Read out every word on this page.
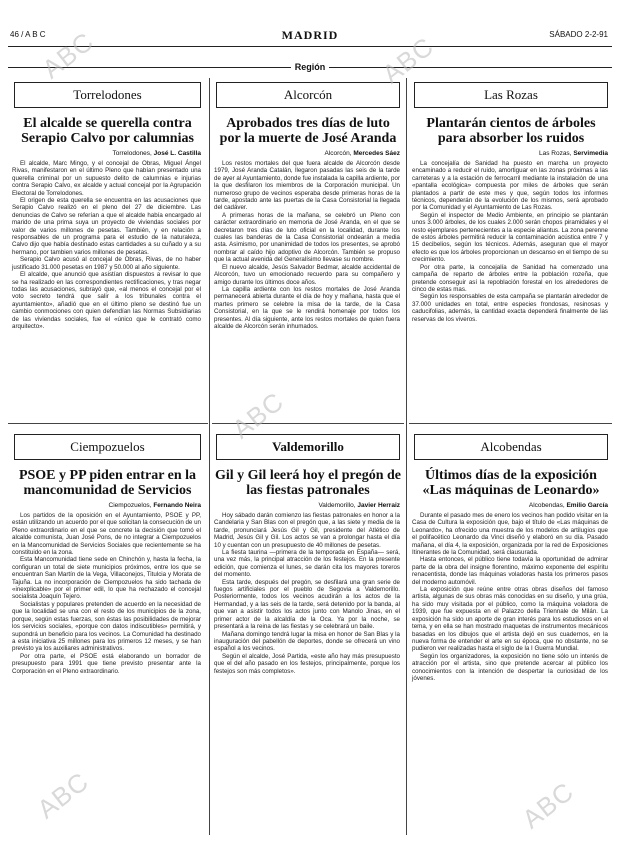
46 / A B C	MADRID	SÁBADO 2-2-91
Región
Torrelodones
El alcalde se querella contra Serapio Calvo por calumnias
Torrelodones, José L. Castilla

El alcalde, Marc Mingo, y el concejal de Obras, Miguel Ángel Rivas, manifestaron en el último Pleno que habían presentado una querella criminal por un supuesto delito de calumnias e injurias contra Serapio Calvo, ex alcalde y actual concejal por la Agrupación Electoral de Torrelodones.

El origen de esta querella se encuentra en las acusaciones que Serapio Calvo realizó en el pleno del 27 de diciembre. Las denuncias de Calvo se referían a que el alcalde había encargado al marido de una prima suya un proyecto de viviendas sociales por valor de varios millones de pesetas. También, y en relación a responsables de un programa para el estudio de la naturaleza, Calvo dijo que había destinado estas cantidades a su cuñado y a su hermano, por tambien varios millones de pesetas.

Serapio Calvo acusó al concejal de Obras, Rivas, de no haber justificado 31.000 pesetas en 1987 y 50.000 al año siguiente.

El alcalde, que anunció que asistían dispuestos a revisar lo que se ha realizado en las correspondientes rectificaciones, y tras negar todas las acusaciones, subrayó que, «al menos el concejal por el voto secreto tendrá que salir a los tribunales contra el ayuntamiento», añadió que en el último pleno se destinó fue un cambio conmociones con quien defendían las Normas Subsidiarias de las viviendas sociales, fue el «único que le contrató como arquitecto».

Ciempozuelos
PSOE y PP piden entrar en la mancomunidad de Servicios
Ciempozuelos, Fernando Neira

Los partidos de la oposición en el Ayuntamiento, PSOE y PP, están utilizando un acuerdo por el que solicitan la consecución de un Pleno extraordinario en el que se concrete la decisión que tomó el alcalde comunista, Juan José Pons, de no integrar a Ciempozuelos en la Mancomunidad de Servicios Sociales que recientemente se ha constituido en la zona.

Esta Mancomunidad tiene sede en Chinchón y, hasta la fecha, la configuran un total de siete municipios próximos, entre los que se encuentran San Martín de la Vega, Villaconejos, Titulcia y Morata de Tajuña. La no incorporación de Ciempozuelos ha sido tachada de «inexplicable» por el primer edil, lo que ha rechazado el concejal socialista Joaquín Tejero.

Socialistas y populares pretenden de acuerdo en la necesidad de que la localidad se una con el resto de los municipios de la zona, porque, según estas fuerzas, son éstas las posibilidades de mejorar los servicios sociales, «porque con datos indiscutibles» permitirá, y supondrá un beneficio para los vecinos. La Comunidad ha destinado a esta iniciativa 25 millones para los primeros 12 meses, y se han previsto ya los auxiliares administrativos.

Por otra parte, el PSOE está elaborando un borrador de presupuesto para 1991 que tiene previsto presentar ante la Corporación en el Pleno extraordinario.

Alcorcón
Aprobados tres días de luto por la muerte de José Aranda
Alcorcón, Mercedes Sáez

Los restos mortales del que fuera alcalde de Alcorcón desde 1979, José Aranda Catalán, llegaron pasadas las seis de la tarde de ayer al Ayuntamiento, donde fue instalada la capilla ardiente, por la que desfilaron los miembros de la Corporación municipal. Un numeroso grupo de vecinos esperaba desde primeras horas de la tarde, apostado ante las puertas de la Casa Consistorial la llegada del cadáver.

A primeras horas de la mañana, se celebró un Pleno con carácter extraordinario en memoria de José Aranda, en el que se decretaron tres días de luto oficial en la localidad, durante los cuales las banderas de la Casa Consistorial ondearán a media asta. Asimismo, por unanimidad de todos los presentes, se aprobó nombrar al caído hijo adoptivo de Alcorcón. También se propuso que la actual avenida del Generalísimo llevase su nombre.

El nuevo alcalde, Jesús Salvador Bedmar, alcalde accidental de Alcorcón, tuvo un emocionado recuerdo para su compañero y amigo durante los últimos doce años.

La capilla ardiente con los restos mortales de José Aranda permanecerá abierta durante el día de hoy y mañana, hasta que el martes primero se celebre la misa de la tarde, de la Casa Consistorial, en la que se le rendirá homenaje por todos los presentes. Al día siguiente, ante los restos mortales de quien fuera alcalde de Alcorcón serán inhumados.

Valdemorillo
Gil y Gil leerá hoy el pregón de las fiestas patronales
Valdemorillo, Javier Herraiz

Hoy sábado darán comienzo las fiestas patronales en honor a la Candelaria y San Blas con el pregón que, a las siete y media de la tarde, pronunciará Jesús Gil y Gil, presidente del Atlético de Madrid, Jesús Gil y Gil. Los actos se van a prolongar hasta el día 10 y cuentan con un presupuesto de 40 millones de pesetas.

La fiesta taurina —primera de la temporada en España— será, una vez más, la principal atracción de los festejos. En la presente edición, que comienza el lunes, se darán cita los mayores toreros del momento.

Esta tarde, después del pregón, se desfilará una gran serie de fuegos artificiales por el pueblo de Segovia a Valdemorillo. Posteriormente, todos los vecinos acudirán a los actos de la Hermandad, y a las seis de la tarde, será detenido por la banda, al que van a asistir todos los actos junto con Manolo Jinas, en el primer actor de la alcaldía de la Oca. Ya por la noche, se presentará a la reina de las fiestas y se celebrará un baile.

Mañana domingo tendrá lugar la misa en honor de San Blas y la inauguración del pabellón de deportes, donde se ofrecerá un vino español a los vecinos.

Según el alcalde, José Partida, «este año hay más presupuesto que el del año pasado en los festejos, principalmente, porque los festejos son más completos».

Las Rozas
Plantarán cientos de árboles para absorber los ruidos
Las Rozas, Servimedia

La concejalía de Sanidad ha puesto en marcha un proyecto encaminado a reducir el ruido, amortiguar en las zonas próximas a las carreteras y a la estación de ferrocarril mediante la instalación de una «pantalla ecológica» compuesta por miles de árboles que serán plantados a partir de este mes y que, según todos los informes técnicos, dependerán de la evolución de los mismos, será aprobado por la Comunidad y el Ayuntamiento de Las Rozas.

Según el inspector de Medio Ambiente, en principio se plantarán unos 3.000 árboles, de los cuales 2.000 serán chopos piramidales y el resto ejemplares pertenecientes a la especie aliantus. La zona perenne de estos árboles permitirá reducir la contaminación acústica entre 7 y 15 decibelios, según los técnicos. Además, aseguran que el mayor efecto es que los árboles proporcionan un descanso en el tiempo de su crecimiento.

Por otra parte, la concejalía de Sanidad ha comenzado una campaña de reparto de árboles entre la población rozeña, que pretende conseguir así la repoblación forestal en los alrededores de cinco de estas mas.

Según los responsables de esta campaña se plantarán alrededor de 37.000 unidades en total, entre especies frondosas, resinosas y caducifolias, además, la cantidad exacta dependerá finalmente de las reservas de los viveros.

Alcobendas
Últimos días de la exposición «Las máquinas de Leonardo»
Alcobendas, Emilio García

Durante el pasado mes de enero los vecinos han podido visitar en la Casa de Cultura la exposición que, bajo el título de «Las máquinas de Leonardo», ha ofrecido una muestra de los modelos de artilugios que el polifacético Leonardo da Vinci diseñó y elaboró en su día. Pasado mañana, el día 4, la exposición, organizada por la red de Exposiciones Itinerantes de la Comunidad, será clausurada.

Hasta entonces, el público tiene todavía la oportunidad de admirar parte de la obra del insigne florentino, máximo exponente del espíritu renacentista, donde las máquinas voladoras hasta los primeros pasos del moderno automóvil.

La exposición que reúne entre otras obras diseños del famoso artista, algunas de sus obras más conocidas en su diseño, y una grúa, ha sido muy visitada por el público, como la máquina voladora de 1939, que fue expuesta en el Palazzo della Triennale de Milán. La exposición ha sido un aporte de gran interés para los estudiosos en el tema, y en ella se han mostrado maquetas de instrumentos mecánicos basadas en los dibujos que el artista dejó en sus cuadernos, en la nueva forma de entender el arte en su época, que no obstante, no se pudieron ver realizadas hasta el siglo de la I Guerra Mundial.

Según los organizadores, la exposición no tiene sólo un interés de atracción por el artista, sino que pretende acercar al público los conocimientos con la intención de despertar la curiosidad de los jóvenes.

ABC	ABC
ABC
ABC	ABC
